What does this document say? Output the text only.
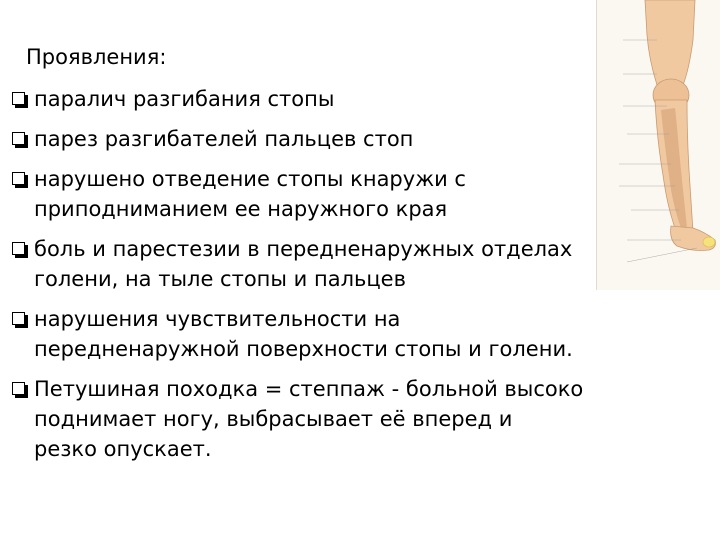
Проявления:
паралич разгибания стопы
парез разгибателей пальцев стоп
нарушено отведение стопы кнаружи с
приподниманием ее наружного края
боль и парестезии в передненаружных отделах
голени, на тыле стопы и пальцев
нарушения чувствительности на
передненаружной поверхности стопы и голени.
Петушиная походка = степпаж - больной высоко
поднимает ногу, выбрасывает её вперед и
резко опускает.
